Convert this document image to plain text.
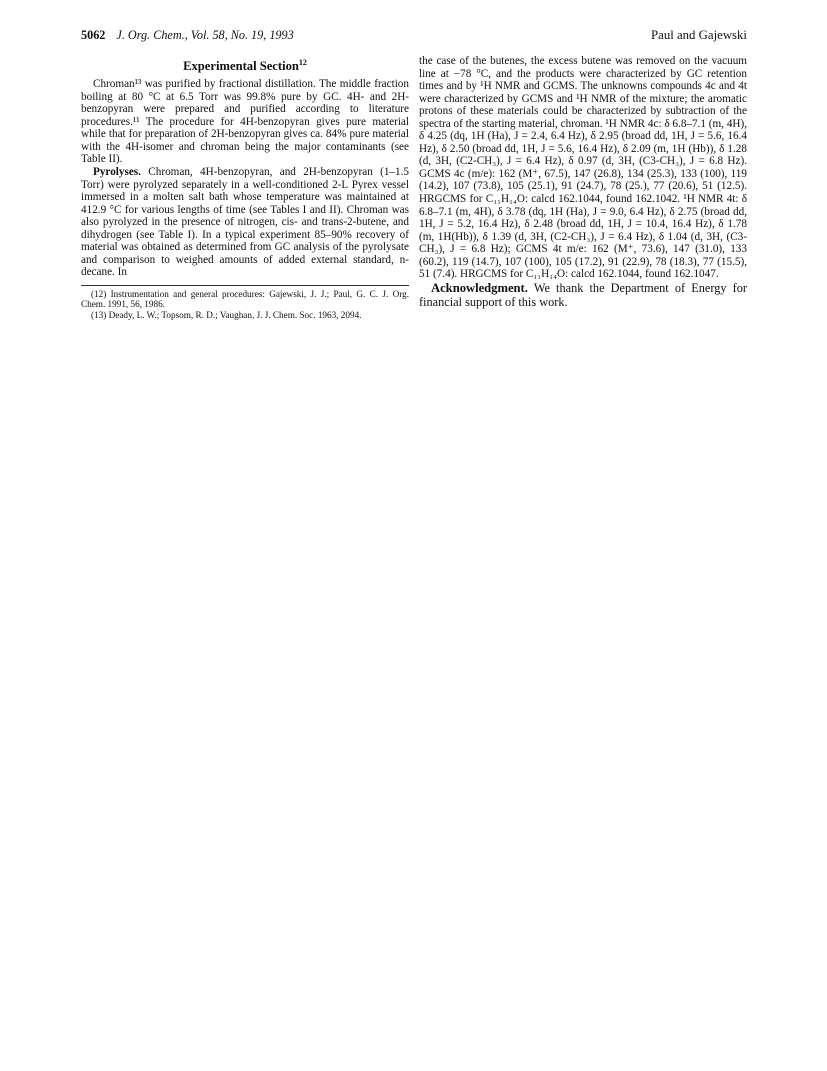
5062 J. Org. Chem., Vol. 58, No. 19, 1993	Paul and Gajewski
Experimental Section$^{12}$

Chroman¹³ was purified by fractional distillation. The middle fraction boiling at 80 °C at 6.5 Torr was 99.8% pure by GC. 4H- and 2H-benzopyran were prepared and purified according to literature procedures.¹¹ The procedure for 4H-benzopyran gives pure material while that for preparation of 2H-benzopyran gives ca. 84% pure material with the 4H-isomer and chroman being the major contaminants (see Table II).

Pyrolyses. Chroman, 4H-benzopyran, and 2H-benzopyran (1–1.5 Torr) were pyrolyzed separately in a well-conditioned 2-L Pyrex vessel immersed in a molten salt bath whose temperature was maintained at 412.9 °C for various lengths of time (see Tables I and II). Chroman was also pyrolyzed in the presence of nitrogen, cis- and trans-2-butene, and dihydrogen (see Table I). In a typical experiment 85–90% recovery of material was obtained as determined from GC analysis of the pyrolysate and comparison to weighed amounts of added external standard, n-decane. In

(12) Instrumentation and general procedures: Gajewski, J. J.; Paul, G. C. J. Org. Chem. 1991, 56, 1986.

(13) Deady, L. W.; Topsom, R. D.; Vaughan, J. J. Chem. Soc. 1963, 2094.

the case of the butenes, the excess butene was removed on the vacuum line at −78 °C, and the products were characterized by GC retention times and by ¹H NMR and GCMS. The unknowns compounds 4c and 4t were characterized by GCMS and ¹H NMR of the mixture; the aromatic protons of these materials could be characterized by subtraction of the spectra of the starting material, chroman. ¹H NMR 4c: δ 6.8–7.1 (m, 4H), δ 4.25 (dq, 1H (Ha), J = 2.4, 6.4 Hz), δ 2.95 (broad dd, 1H, J = 5.6, 16.4 Hz), δ 2.50 (broad dd, 1H, J = 5.6, 16.4 Hz), δ 2.09 (m, 1H (Hb)), δ 1.28 (d, 3H, (C2-CH₃), J = 6.4 Hz), δ 0.97 (d, 3H, (C3-CH₃), J = 6.8 Hz). GCMS 4c (m/e): 162 (M⁺, 67.5), 147 (26.8), 134 (25.3), 133 (100), 119 (14.2), 107 (73.8), 105 (25.1), 91 (24.7), 78 (25.), 77 (20.6), 51 (12.5). HRGCMS for C₁₁H₁₄O: calcd 162.1044, found 162.1042. ¹H NMR 4t: δ 6.8–7.1 (m, 4H), δ 3.78 (dq, 1H (Ha), J = 9.0, 6.4 Hz), δ 2.75 (broad dd, 1H, J = 5.2, 16.4 Hz), δ 2.48 (broad dd, 1H, J = 10.4, 16.4 Hz), δ 1.78 (m, 1H(Hb)), δ 1.39 (d, 3H, (C2-CH₃), J = 6.4 Hz), δ 1.04 (d, 3H, (C3-CH₃), J = 6.8 Hz); GCMS 4t m/e: 162 (M⁺, 73.6), 147 (31.0), 133 (60.2), 119 (14.7), 107 (100), 105 (17.2), 91 (22.9), 78 (18.3), 77 (15.5), 51 (7.4). HRGCMS for C₁₁H₁₄O: calcd 162.1044, found 162.1047.

Acknowledgment. We thank the Department of Energy for financial support of this work.
